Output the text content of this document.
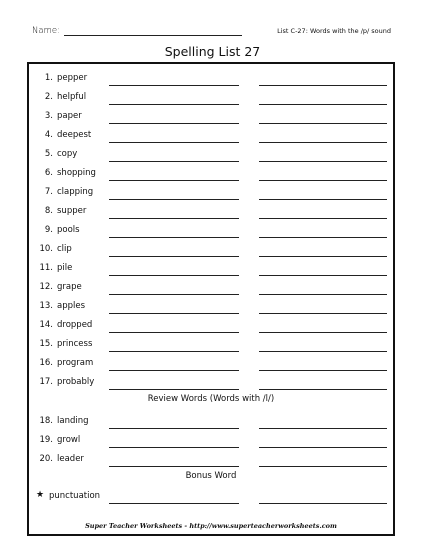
Name:	List C-27: Words with the /p/ sound
Spelling List 27
1. pepper
2. helpful
3. paper
4. deepest
5. copy
6. shopping
7. clapping
8. supper
9. pools
10. clip
11. pile
12. grape
13. apples
14. dropped
15. princess
16. program
17. probably
Review Words (Words with /l/)
18. landing
19. growl
20. leader
Bonus Word
★ punctuation
Super Teacher Worksheets - http://www.superteacherworksheets.com
